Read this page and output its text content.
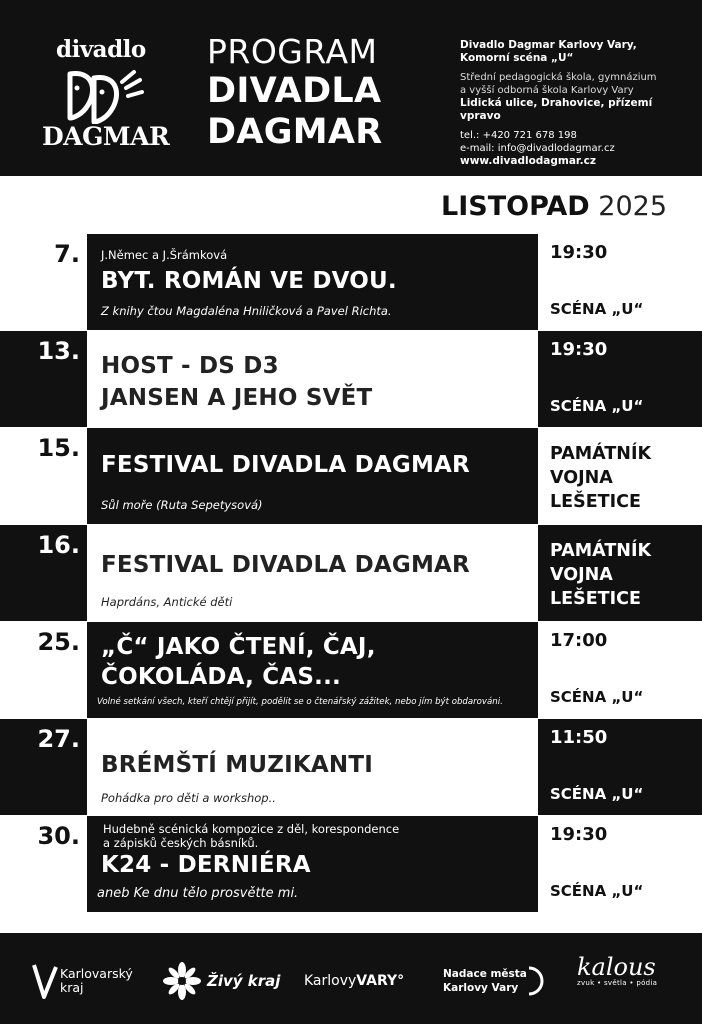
divadlo
DAGMAR
PROGRAM
DIVADLA
DAGMAR
Divadlo Dagmar Karlovy Vary,
Komorní scéna „U“
Střední pedagogická škola, gymnázium
a vyšší odborná škola Karlovy Vary
Lidická ulice, Drahovice, přízemí vpravo
tel.: +420 721 678 198
e-mail: info@divadlodagmar.cz
www.divadlodagmar.cz
LISTOPAD 2025
7. J.Němec a J.Šrámková
BYT. ROMÁN VE DVOU.
Z knihy čtou Magdaléna Hniličková a Pavel Richta.
19:30
SCÉNA „U“
13.
HOST - DS D3
JANSEN A JEHO SVĚT
19:30
SCÉNA „U“
15.
FESTIVAL DIVADLA DAGMAR
Sůl moře (Ruta Sepetysová)
PAMÁTNÍK
VOJNA
LEŠETICE
16.
FESTIVAL DIVADLA DAGMAR
Haprdáns, Antické děti
PAMÁTNÍK
VOJNA
LEŠETICE
25. „Č“ JAKO ČTENÍ, ČAJ,
ČOKOLÁDA, ČAS...
Volné setkání všech, kteří chtějí přijít, podělit se o čtenářský zážitek, nebo jím být obdarováni.
17:00
SCÉNA „U“
27.
BRÉMŠTÍ MUZIKANTI
Pohádka pro děti a workshop..
11:50
SCÉNA „U“
30. Hudebně scénická kompozice z děl, korespondence
a zápisků českých básníků.
K24 - DERNIÉRA
aneb Ke dnu tělo prosvětte mi.
19:30
SCÉNA „U“
Karlovarský
kraj	Živý kraj Karlovy VARY°	Nadace města
Karlovy Vary
kalous
zvuk • světla • pódia
